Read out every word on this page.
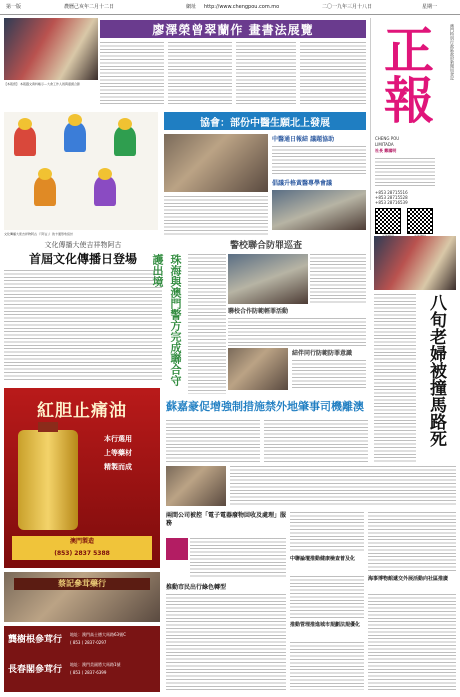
第一版	農曆己亥年二月十二日	網址 http://www.chengpou.com.mo	二〇一九年三月十八日	星期一
【本報訊】 本報圖文資料略示—大會工作人員與嘉賓合影
廖澤榮曾翠蘭作 畫書法展覽	正報	澳門特別行政區政府新聞局登記
CHENG POU
LIMITADA
社長 鄭國明
+853 28715516
+853 28715528
+853 28716539
文化傳播大使吉祥物阿古（「阿古」）的卡通形象設計
文化傳播大使吉祥物阿古
首屆文化傳播日登場
協會：部份中醫生願北上發展
中醫通日報結 議題協助
倡議升格黃醫專學會議
珠海與澳門警方完成聯合守護出境
警校聯合防罪巡查
聯校合作防範輕罪活動
結伴同行防範防罪意識	八旬老婦被撞馬路死
蘇嘉豪促增強制措施禁外地肇事司機離澳
紅胆止痛油
本行選用
上等藥材
精製而成
澳門製造
(853) 2837 5388
蔡記參茸藥行
龔樹根參茸行
地址：澳門高士德大馬路63號C
( 853 ) 2837-0297
長春閣參茸行
地址：澳門美副將大馬路1號
( 853 ) 2837-6399
兩間公司被控「電子電器廢物回收及處理」服務
推動巿民出行綠色轉型
中聯論壇推動健康檢查普及化
推動管理推進城市規劃法規優化
海事博物館遞交外展活動向社區推廣
